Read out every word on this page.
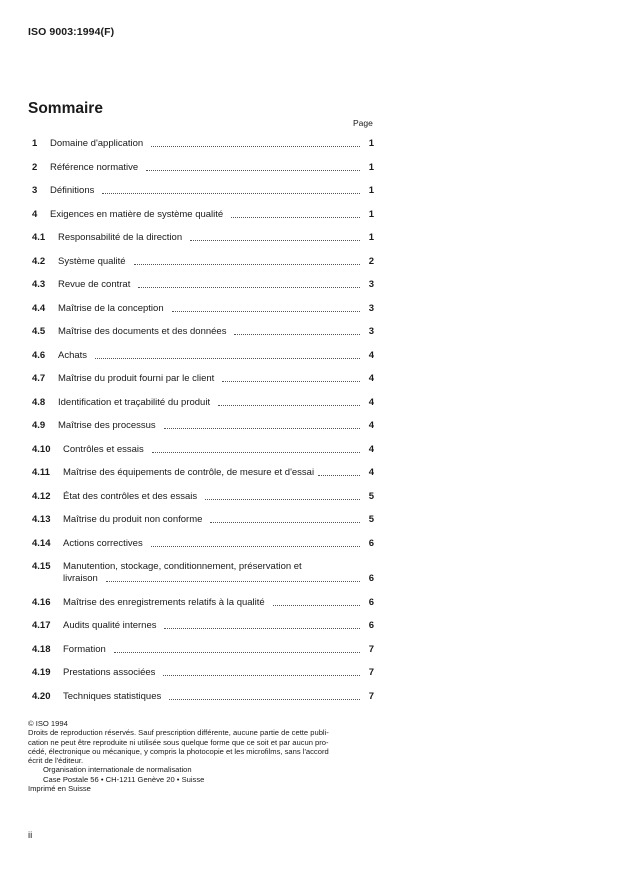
ISO 9003:1994(F)
Sommaire
Page
1	Domaine d'application	1
2	Référence normative	1
3	Définitions	1
4	Exigences en matière de système qualité	1
4.1	Responsabilité de la direction	1
4.2	Système qualité	2
4.3	Revue de contrat	3
4.4	Maîtrise de la conception	3
4.5	Maîtrise des documents et des données	3
4.6	Achats	4
4.7	Maîtrise du produit fourni par le client	4
4.8	Identification et traçabilité du produit	4
4.9	Maîtrise des processus	4
4.10	Contrôles et essais	4
4.11	Maîtrise des équipements de contrôle, de mesure et d'essai	4
4.12	État des contrôles et des essais	5
4.13	Maîtrise du produit non conforme	5
4.14	Actions correctives	6
4.15	Manutention, stockage, conditionnement, préservation et
livraison	6
4.16	Maîtrise des enregistrements relatifs à la qualité	6
4.17	Audits qualité internes	6
4.18	Formation	7
4.19	Prestations associées	7
4.20	Techniques statistiques	7
© ISO 1994
Droits de reproduction réservés. Sauf prescription différente, aucune partie de cette publi-
cation ne peut être reproduite ni utilisée sous quelque forme que ce soit et par aucun pro-
cédé, électronique ou mécanique, y compris la photocopie et les microfilms, sans l'accord
écrit de l'éditeur.
Organisation internationale de normalisation
Case Postale 56 • CH-1211 Genève 20 • Suisse
Imprimé en Suisse
ii
